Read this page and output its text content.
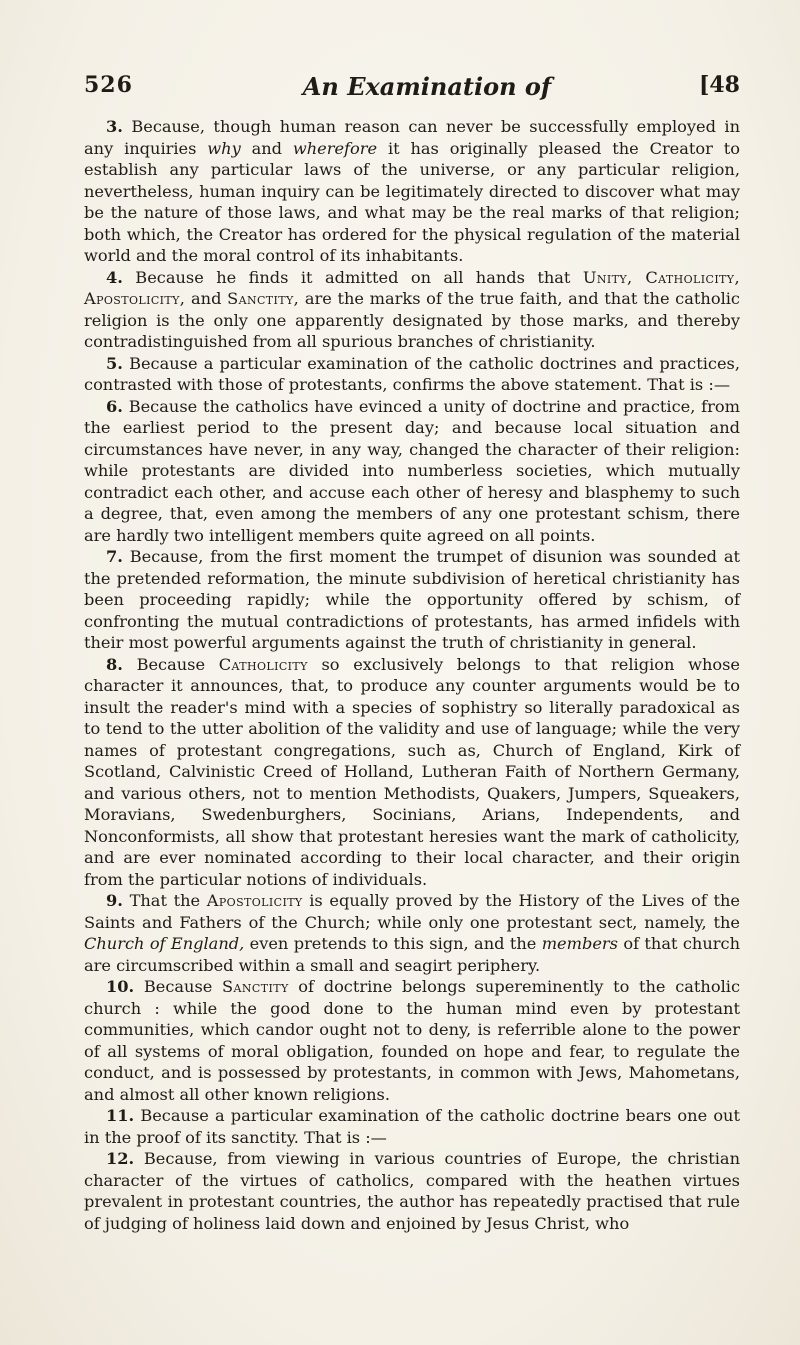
526	An Examination of	[48

3. Because, though human reason can never be successfully employed in any inquiries why and wherefore it has originally pleased the Creator to establish any particular laws of the universe, or any particular religion, nevertheless, human inquiry can be legitimately directed to discover what may be the nature of those laws, and what may be the real marks of that religion; both which, the Creator has ordered for the physical regulation of the material world and the moral control of its inhabitants.

4. Because he finds it admitted on all hands that Unity, Catholicity, Apostolicity, and Sanctity, are the marks of the true faith, and that the catholic religion is the only one apparently designated by those marks, and thereby contradistinguished from all spurious branches of christianity.

5. Because a particular examination of the catholic doctrines and practices, contrasted with those of protestants, confirms the above statement. That is :—

6. Because the catholics have evinced a unity of doctrine and practice, from the earliest period to the present day; and because local situation and circumstances have never, in any way, changed the character of their religion: while protestants are divided into numberless societies, which mutually contradict each other, and accuse each other of heresy and blasphemy to such a degree, that, even among the members of any one protestant schism, there are hardly two intelligent members quite agreed on all points.

7. Because, from the first moment the trumpet of disunion was sounded at the pretended reformation, the minute subdivision of heretical christianity has been proceeding rapidly; while the opportunity offered by schism, of confronting the mutual contradictions of protestants, has armed infidels with their most powerful arguments against the truth of christianity in general.

8. Because Catholicity so exclusively belongs to that religion whose character it announces, that, to produce any counter arguments would be to insult the reader's mind with a species of sophistry so literally paradoxical as to tend to the utter abolition of the validity and use of language; while the very names of protestant congregations, such as, Church of England, Kirk of Scotland, Calvinistic Creed of Holland, Lutheran Faith of Northern Germany, and various others, not to mention Methodists, Quakers, Jumpers, Squeakers, Moravians, Swedenburghers, Socinians, Arians, Independents, and Nonconformists, all show that protestant heresies want the mark of catholicity, and are ever nominated according to their local character, and their origin from the particular notions of individuals.

9. That the Apostolicity is equally proved by the History of the Lives of the Saints and Fathers of the Church; while only one protestant sect, namely, the Church of England, even pretends to this sign, and the members of that church are circumscribed within a small and seagirt periphery.

10. Because Sanctity of doctrine belongs supereminently to the catholic church : while the good done to the human mind even by protestant communities, which candor ought not to deny, is referrible alone to the power of all systems of moral obligation, founded on hope and fear, to regulate the conduct, and is possessed by protestants, in common with Jews, Mahometans, and almost all other known religions.

11. Because a particular examination of the catholic doctrine bears one out in the proof of its sanctity. That is :—

12. Because, from viewing in various countries of Europe, the christian character of the virtues of catholics, compared with the heathen virtues prevalent in protestant countries, the author has repeatedly practised that rule of judging of holiness laid down and enjoined by Jesus Christ, who
